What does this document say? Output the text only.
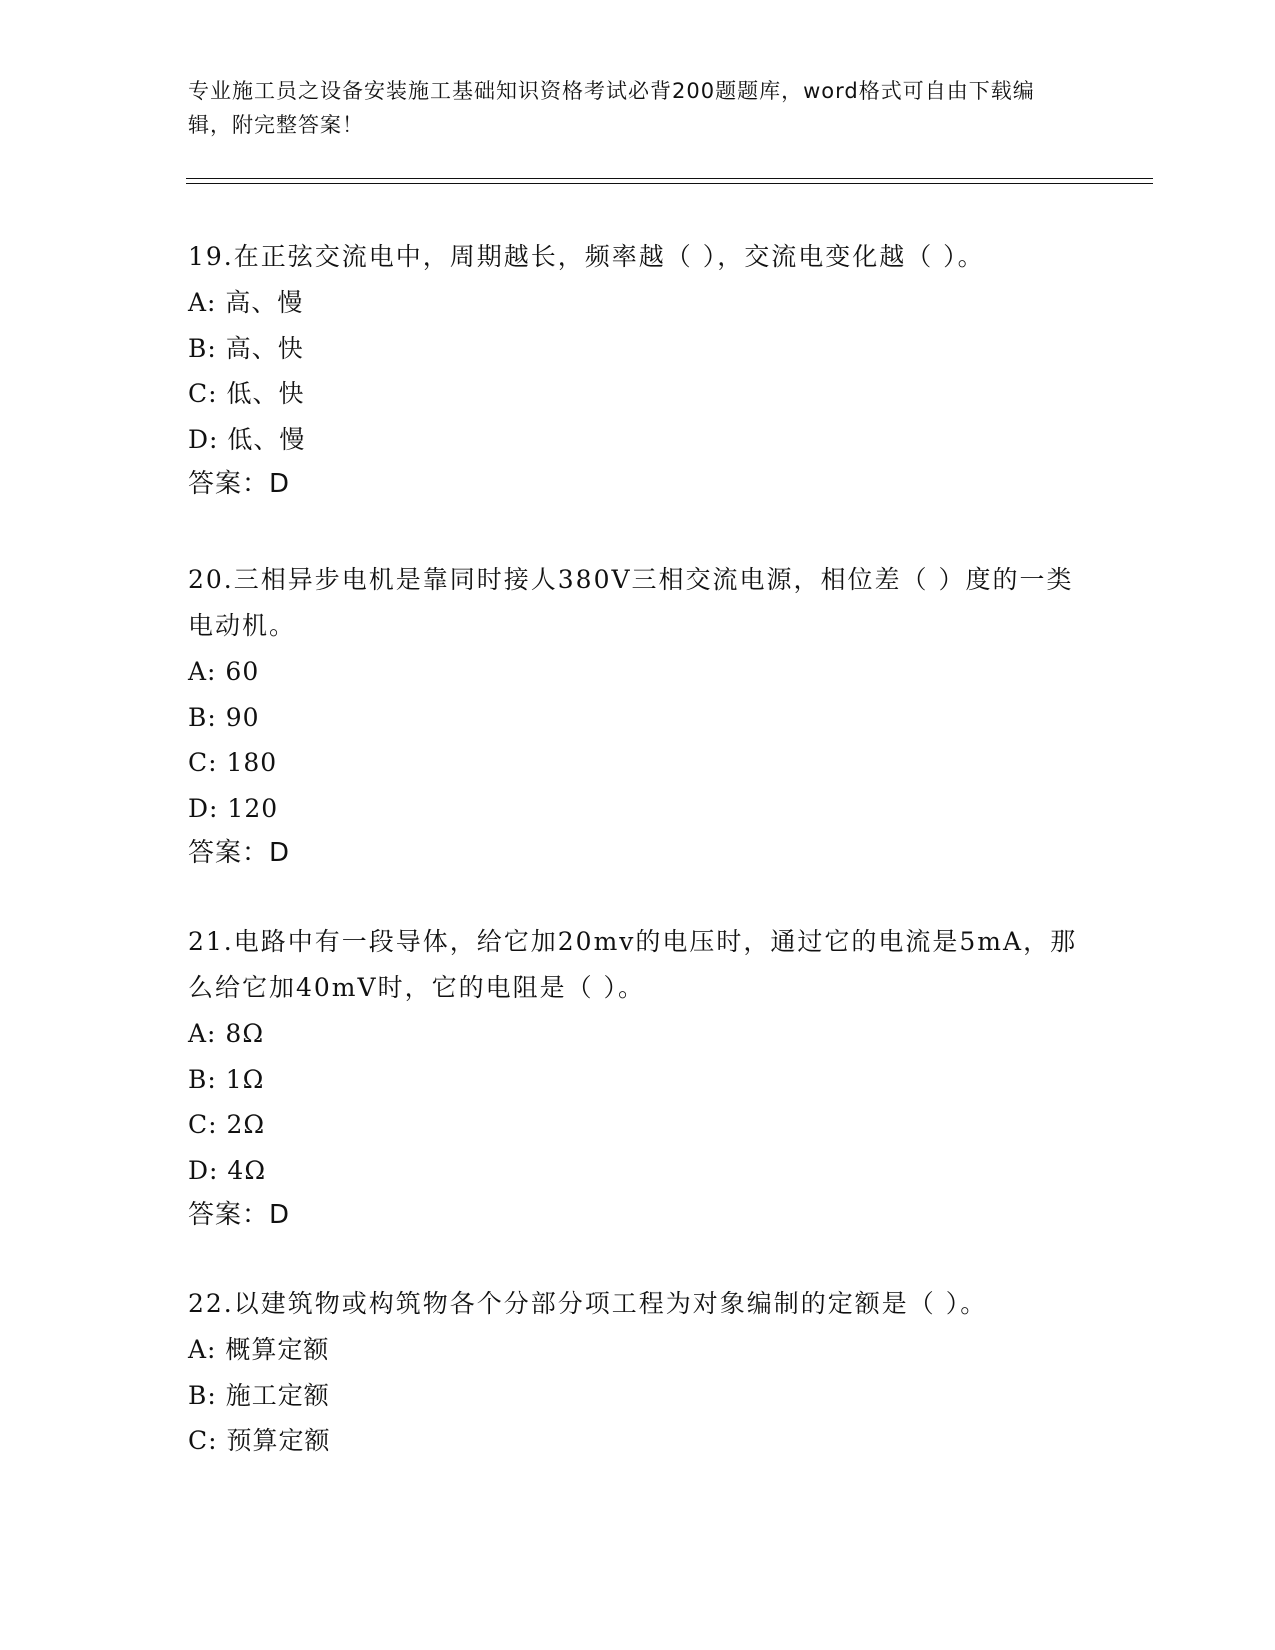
专业施工员之设备安装施工基础知识资格考试必背200题题库，word格式可自由下载编辑，附完整答案！
19.在正弦交流电中，周期越长，频率越（ ），交流电变化越（ ）。
A: 高、慢
B: 高、快
C: 低、快
D: 低、慢
答案：D
20.三相异步电机是靠同时接人380V三相交流电源，相位差（ ）度的一类电动机。
A: 60
B: 90
C: 180
D: 120
答案：D
21.电路中有一段导体，给它加20mv的电压时，通过它的电流是5mA，那么给它加40mV时，它的电阻是（ ）。
A: 8Ω
B: 1Ω
C: 2Ω
D: 4Ω
答案：D
22.以建筑物或构筑物各个分部分项工程为对象编制的定额是（ ）。
A: 概算定额
B: 施工定额
C: 预算定额
